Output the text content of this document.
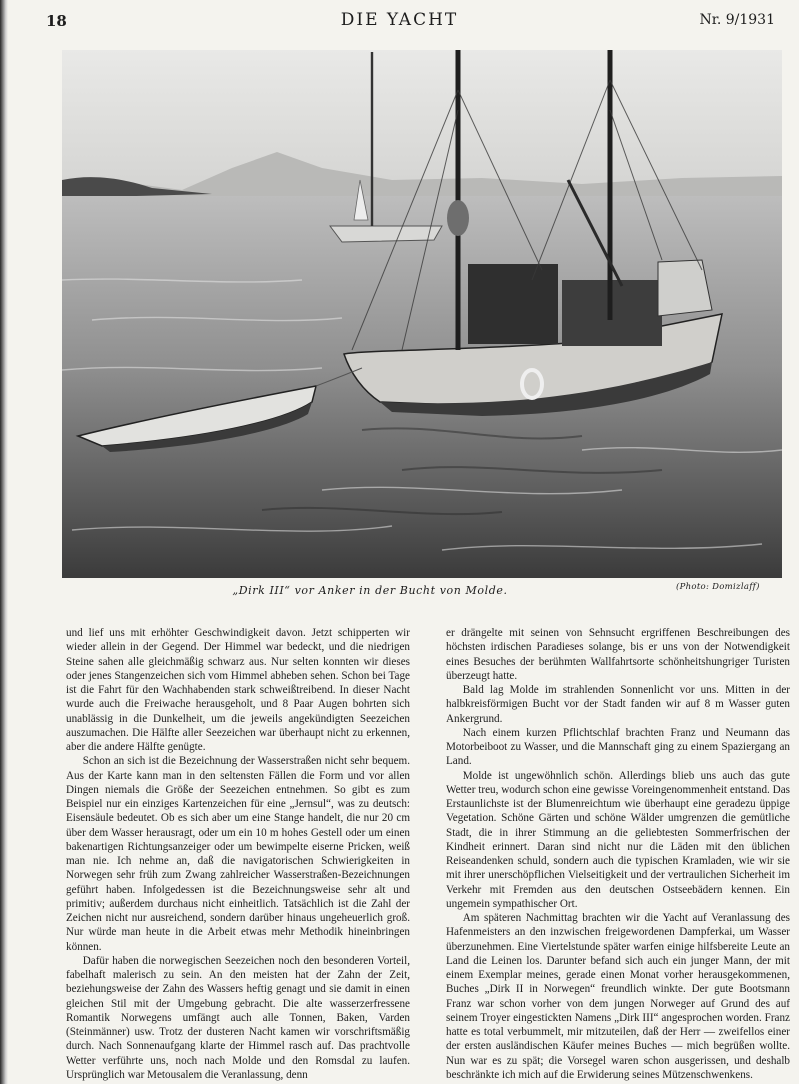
18	DIE YACHT	Nr. 9/1931
„Dirk III“ vor Anker in der Bucht von Molde.	(Photo: Domizlaff)

und lief uns mit erhöhter Geschwindigkeit davon. Jetzt schipperten wir wieder allein in der Gegend. Der Himmel war bedeckt, und die niedrigen Steine sahen alle gleichmäßig schwarz aus. Nur selten konnten wir dieses oder jenes Stangenzeichen sich vom Himmel abheben sehen. Schon bei Tage ist die Fahrt für den Wachhabenden stark schweißtreibend. In dieser Nacht wurde auch die Freiwache herausgeholt, und 8 Paar Augen bohrten sich unablässig in die Dunkelheit, um die jeweils angekündigten Seezeichen auszumachen. Die Hälfte aller Seezeichen war überhaupt nicht zu erkennen, aber die andere Hälfte genügte.

Schon an sich ist die Bezeichnung der Wasserstraßen nicht sehr bequem. Aus der Karte kann man in den seltensten Fällen die Form und vor allen Dingen niemals die Größe der Seezeichen entnehmen. So gibt es zum Beispiel nur ein einziges Kartenzeichen für eine „Jernsul“, was zu deutsch: Eisensäule bedeutet. Ob es sich aber um eine Stange handelt, die nur 20 cm über dem Wasser herausragt, oder um ein 10 m hohes Gestell oder um einen bakenartigen Richtungsanzeiger oder um bewimpelte eiserne Pricken, weiß man nie. Ich nehme an, daß die navigatorischen Schwierigkeiten in Norwegen sehr früh zum Zwang zahlreicher Wasserstraßen-Bezeichnungen geführt haben. Infolgedessen ist die Bezeichnungsweise sehr alt und primitiv; außerdem durchaus nicht einheitlich. Tatsächlich ist die Zahl der Zeichen nicht nur ausreichend, sondern darüber hinaus ungeheuerlich groß. Nur würde man heute in die Arbeit etwas mehr Methodik hineinbringen können.

Dafür haben die norwegischen Seezeichen noch den besonderen Vorteil, fabelhaft malerisch zu sein. An den meisten hat der Zahn der Zeit, beziehungsweise der Zahn des Wassers heftig genagt und sie damit in einen gleichen Stil mit der Umgebung gebracht. Die alte wasserzerfressene Romantik Norwegens umfängt auch alle Tonnen, Baken, Varden (Steinmänner) usw. Trotz der dusteren Nacht kamen wir vorschriftsmäßig durch. Nach Sonnenaufgang klarte der Himmel rasch auf. Das prachtvolle Wetter verführte uns, noch nach Molde und den Romsdal zu laufen. Ursprünglich war Metousalem die Veranlassung, denn

er drängelte mit seinen von Sehnsucht ergriffenen Beschreibungen des höchsten irdischen Paradieses solange, bis er uns von der Notwendigkeit eines Besuches der berühmten Wallfahrtsorte schönheitshungriger Turisten überzeugt hatte.

Bald lag Molde im strahlenden Sonnenlicht vor uns. Mitten in der halbkreisförmigen Bucht vor der Stadt fanden wir auf 8 m Wasser guten Ankergrund.

Nach einem kurzen Pflichtschlaf brachten Franz und Neumann das Motorbeiboot zu Wasser, und die Mannschaft ging zu einem Spaziergang an Land.

Molde ist ungewöhnlich schön. Allerdings blieb uns auch das gute Wetter treu, wodurch schon eine gewisse Voreingenommenheit entstand. Das Erstaunlichste ist der Blumenreichtum wie überhaupt eine geradezu üppige Vegetation. Schöne Gärten und schöne Wälder umgrenzen die gemütliche Stadt, die in ihrer Stimmung an die geliebtesten Sommerfrischen der Kindheit erinnert. Daran sind nicht nur die Läden mit den üblichen Reiseandenken schuld, sondern auch die typischen Kramladen, wie wir sie mit ihrer unerschöpflichen Vielseitigkeit und der vertraulichen Sicherheit im Verkehr mit Fremden aus den deutschen Ostseebädern kennen. Ein ungemein sympathischer Ort.

Am späteren Nachmittag brachten wir die Yacht auf Veranlassung des Hafenmeisters an den inzwischen freigewordenen Dampferkai, um Wasser überzunehmen. Eine Viertelstunde später warfen einige hilfsbereite Leute an Land die Leinen los. Darunter befand sich auch ein junger Mann, der mit einem Exemplar meines, gerade einen Monat vorher herausgekommenen, Buches „Dirk II in Norwegen“ freundlich winkte. Der gute Bootsmann Franz war schon vorher von dem jungen Norweger auf Grund des auf seinem Troyer eingestickten Namens „Dirk III“ angesprochen worden. Franz hatte es total verbummelt, mir mitzuteilen, daß der Herr — zweifellos einer der ersten ausländischen Käufer meines Buches — mich begrüßen wollte. Nun war es zu spät; die Vorsegel waren schon ausgerissen, und deshalb beschränkte ich mich auf die Erwiderung seines Mützenschwenkens.
